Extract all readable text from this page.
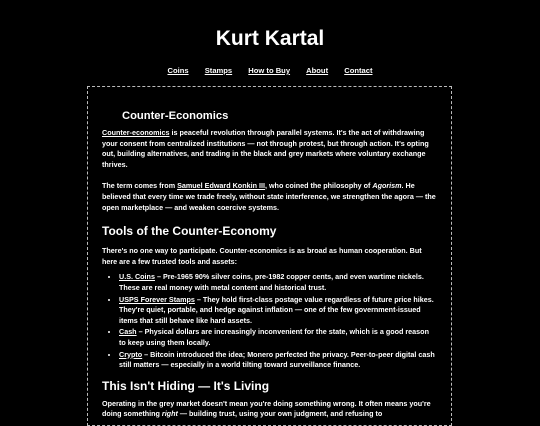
Kurt Kartal
Coins Stamps How to Buy About Contact
Counter-Economics

Counter-economics is peaceful revolution through parallel systems. It's the act of withdrawing your consent from centralized institutions — not through protest, but through action. It's opting out, building alternatives, and trading in the black and grey markets where voluntary exchange thrives.

The term comes from Samuel Edward Konkin III, who coined the philosophy of Agorism. He believed that every time we trade freely, without state interference, we strengthen the agora — the open marketplace — and weaken coercive systems.

Tools of the Counter-Economy

There's no one way to participate. Counter-economics is as broad as human cooperation. But here are a few trusted tools and assets:

• U.S. Coins – Pre-1965 90% silver coins, pre-1982 copper cents, and even wartime nickels. These are real money with metal content and historical trust.
• USPS Forever Stamps – They hold first-class postage value regardless of future price hikes. They're quiet, portable, and hedge against inflation — one of the few government-issued items that still behave like hard assets.
• Cash – Physical dollars are increasingly inconvenient for the state, which is a good reason to keep using them locally.
• Crypto – Bitcoin introduced the idea; Monero perfected the privacy. Peer-to-peer digital cash still matters — especially in a world tilting toward surveillance finance.
This Isn't Hiding — It's Living

Operating in the grey market doesn't mean you're doing something wrong. It often means you're doing something right — building trust, using your own judgment, and refusing to
